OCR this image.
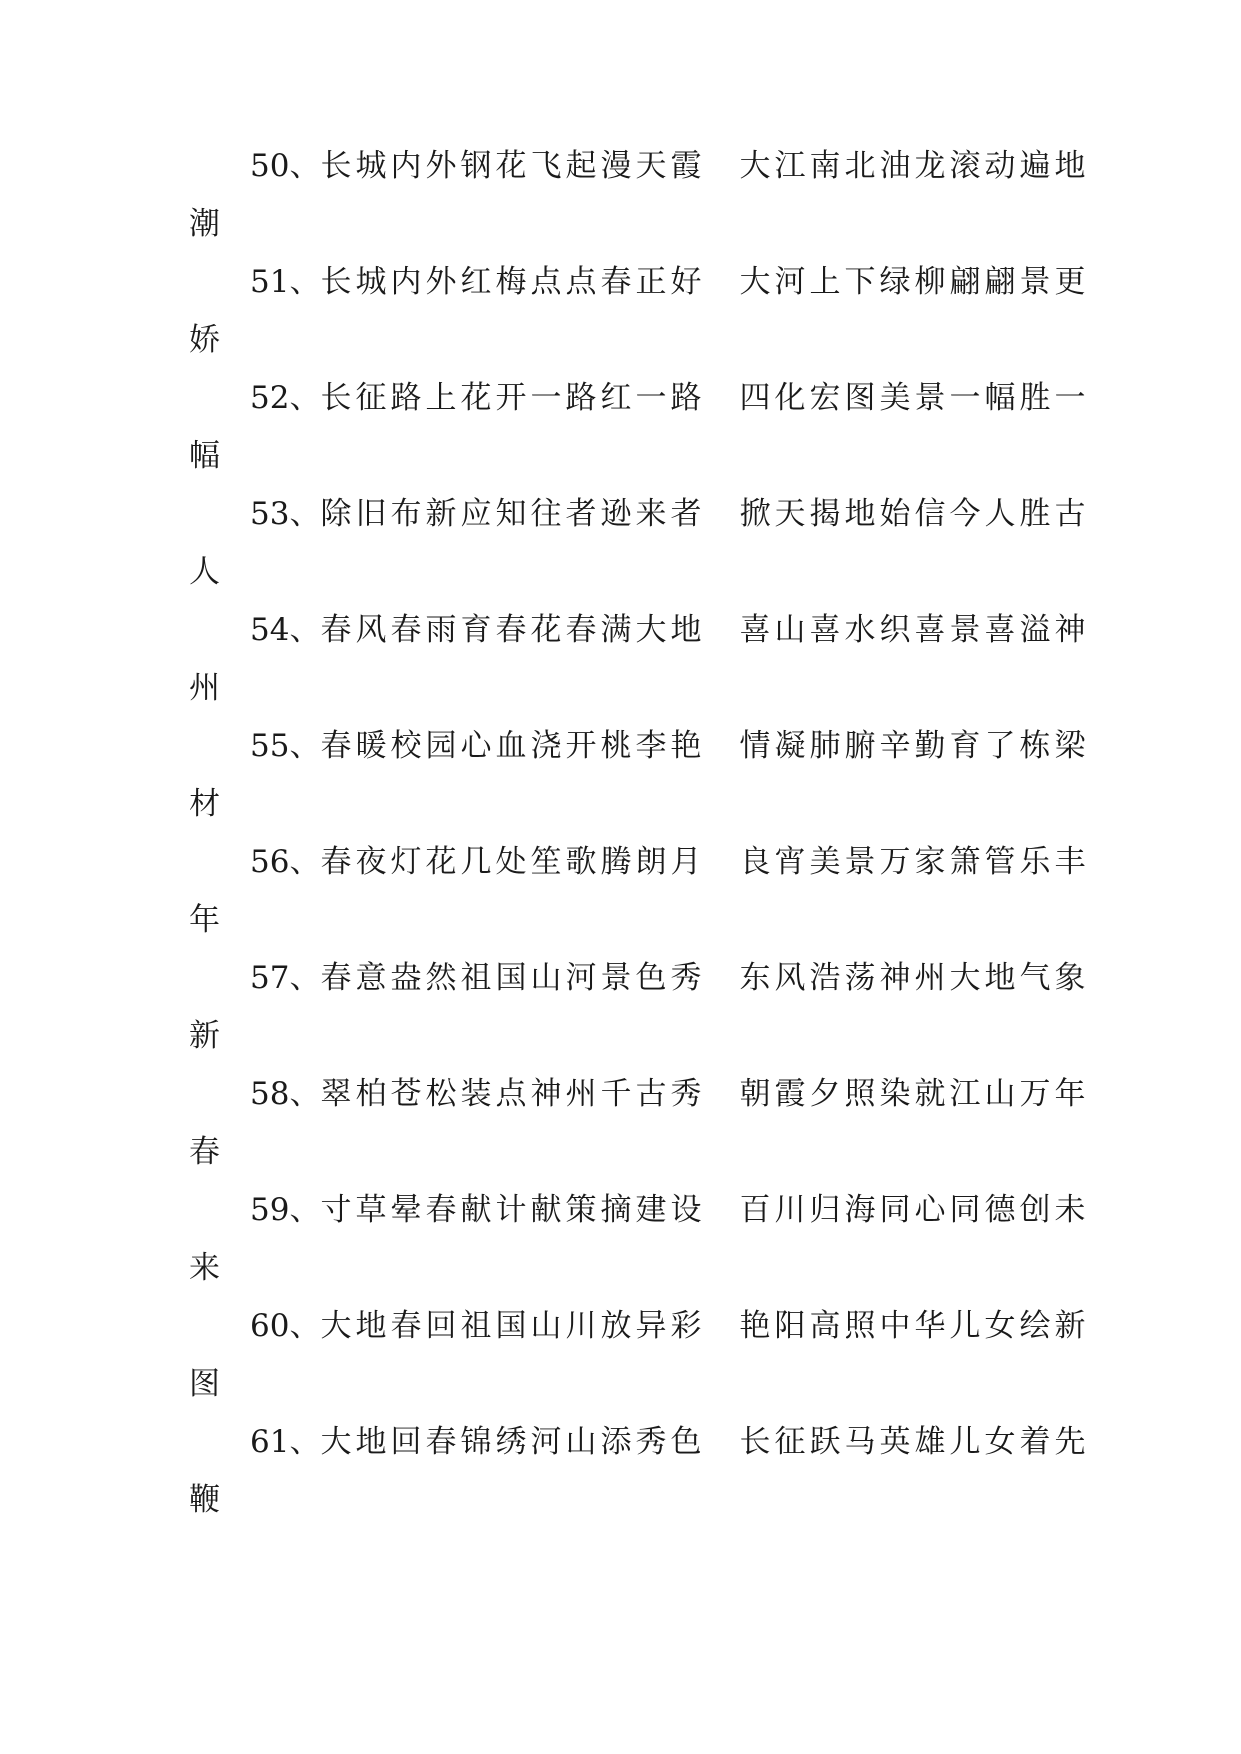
50、长城内外钢花飞起漫天霞 大江南北油龙滚动遍地
潮
51、长城内外红梅点点春正好 大河上下绿柳翩翩景更
娇
52、长征路上花开一路红一路 四化宏图美景一幅胜一
幅
53、除旧布新应知往者逊来者 掀天揭地始信今人胜古
人
54、春风春雨育春花春满大地 喜山喜水织喜景喜溢神
州
55、春暖校园心血浇开桃李艳 情凝肺腑辛勤育了栋梁
材
56、春夜灯花几处笙歌腾朗月 良宵美景万家箫管乐丰
年
57、春意盎然祖国山河景色秀 东风浩荡神州大地气象
新
58、翠柏苍松装点神州千古秀 朝霞夕照染就江山万年
春
59、寸草晕春献计献策摘建设 百川归海同心同德创未
来
60、大地春回祖国山川放异彩 艳阳高照中华儿女绘新
图
61、大地回春锦绣河山添秀色 长征跃马英雄儿女着先
鞭
